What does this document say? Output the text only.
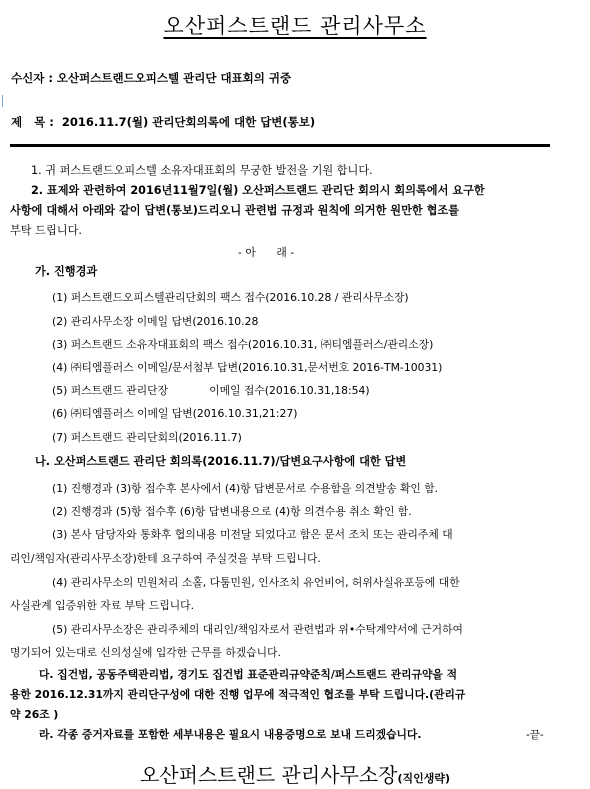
오산퍼스트랜드 관리사무소
수신자 : 오산퍼스트랜드오피스텔 관리단 대표회의 귀중
제   목 :  2016.11.7(월) 관리단회의록에 대한 답변(통보)
1. 귀 퍼스트랜드오피스텔 소유자대표회의 무궁한 발전을 기원 합니다.
2. 표제와 관련하여 2016년11월7일(월) 오산퍼스트랜드 관리단 회의시 회의록에서 요구한
사항에 대해서 아래와 같이 답변(통보)드리오니 관련법 규정과 원칙에 의거한 원만한 협조를
부탁 드립니다.
- 아      래 -
가. 진행경과
(1) 퍼스트랜드오피스텔관리단회의 팩스 접수(2016.10.28 / 관리사무소장)
(2) 관리사무소장 이메일 답변(2016.10.28
(3) 퍼스트랜드 소유자대표회의 팩스 접수(2016.10.31, ㈜티엠플러스/관리소장)
(4) ㈜티엠플러스 이메일/문서첨부 답변(2016.10.31,문서번호 2016-TM-10031)
(5) 퍼스트랜드 관리단장            이메일 접수(2016.10.31,18:54)
(6) ㈜티엠플러스 이메일 답변(2016.10.31,21:27)
(7) 퍼스트랜드 관리단회의(2016.11.7)
나. 오산퍼스트랜드 관리단 회의록(2016.11.7)/답변요구사항에 대한 답변
(1) 진행경과 (3)항 접수후 본사에서 (4)항 답변문서로 수용함을 의견발송 확인 함.
(2) 진행경과 (5)항 접수후 (6)항 답변내용으로 (4)항 의견수용 취소 확인 함.
(3) 본사 담당자와 통화후 협의내용 미전달 되었다고 함은 문서 조치 또는 관리주체 대
리인/책임자(관리사무소장)한테 요구하여 주실것을 부탁 드립니다.
(4) 관리사무소의 민원처리 소홀, 다툼민원, 인사조치 유언비어, 허위사실유포등에 대한
사실관계 입증위한 자료 부탁 드립니다.
(5) 관리사무소장은 관리주체의 대리인/책임자로서 관련법과 위•수탁계약서에 근거하여
명기되어 있는대로 신의성실에 입각한 근무를 하겠습니다.
다. 집건법, 공동주택관리법, 경기도 집건법 표준관리규약준칙/퍼스트랜드 관리규약을 적
용한 2016.12.31까지 관리단구성에 대한 진행 업무에 적극적인 협조를 부탁 드립니다.(관리규
약 26조 )
라. 각종 증거자료를 포함한 세부내용은 필요시 내용증명으로 보내 드리겠습니다.	-끝-
오산퍼스트랜드 관리사무소장(직인생략)
